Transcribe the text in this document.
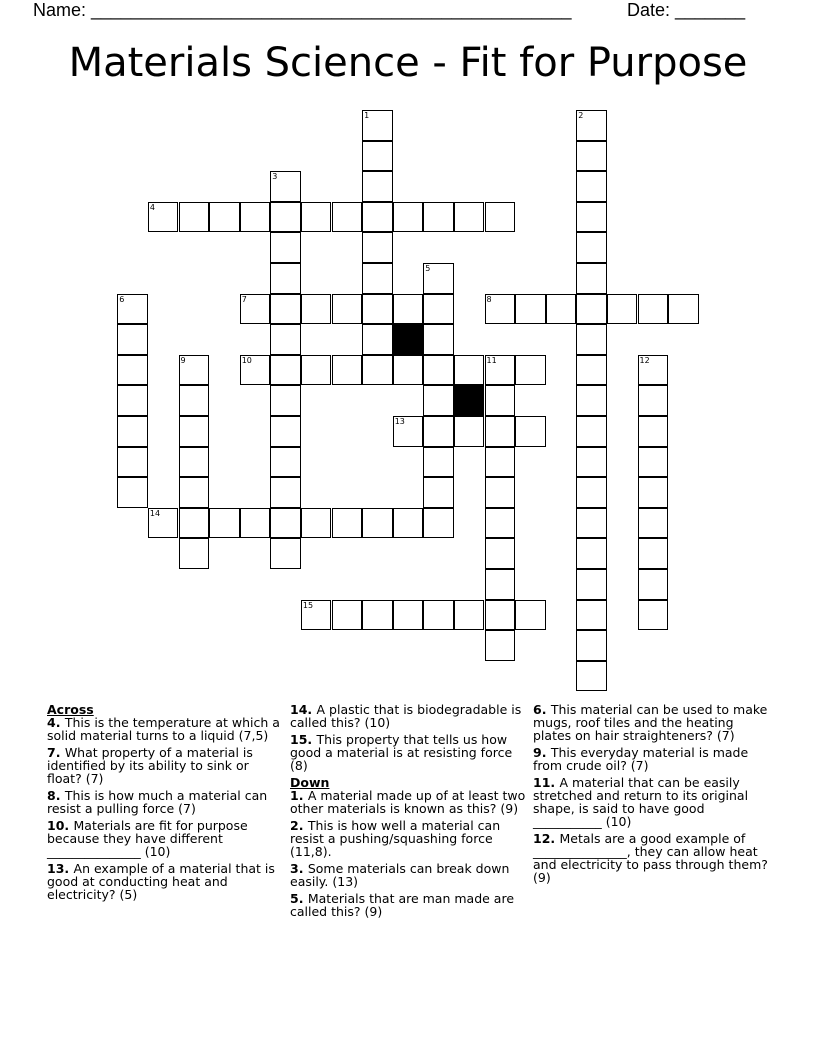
Name: ________________________________________________	Date: _______
Materials Science - Fit for Purpose
1	2
3
4
5
6	7	8
9	10	11	12
13
14
15
Across
4. This is the temperature at which a solid material turns to a liquid (7,5)
7. What property of a material is identified by its ability to sink or float? (7)
8. This is how much a material can resist a pulling force (7)
10. Materials are fit for purpose because they have different _______________ (10)
13. An example of a material that is good at conducting heat and electricity? (5)
14. A plastic that is biodegradable is called this? (10)
15. This property that tells us how good a material is at resisting force (8)
Down
1. A material made up of at least two other materials is known as this? (9)
2. This is how well a material can resist a pushing/squashing force (11,8).
3. Some materials can break down easily. (13)
5. Materials that are man made are called this? (9)
6. This material can be used to make mugs, roof tiles and the heating plates on hair straighteners? (7)
9. This everyday material is made from crude oil? (7)
11. A material that can be easily stretched and return to its original shape, is said to have good ___________ (10)
12. Metals are a good example of _______________, they can allow heat and electricity to pass through them? (9)
